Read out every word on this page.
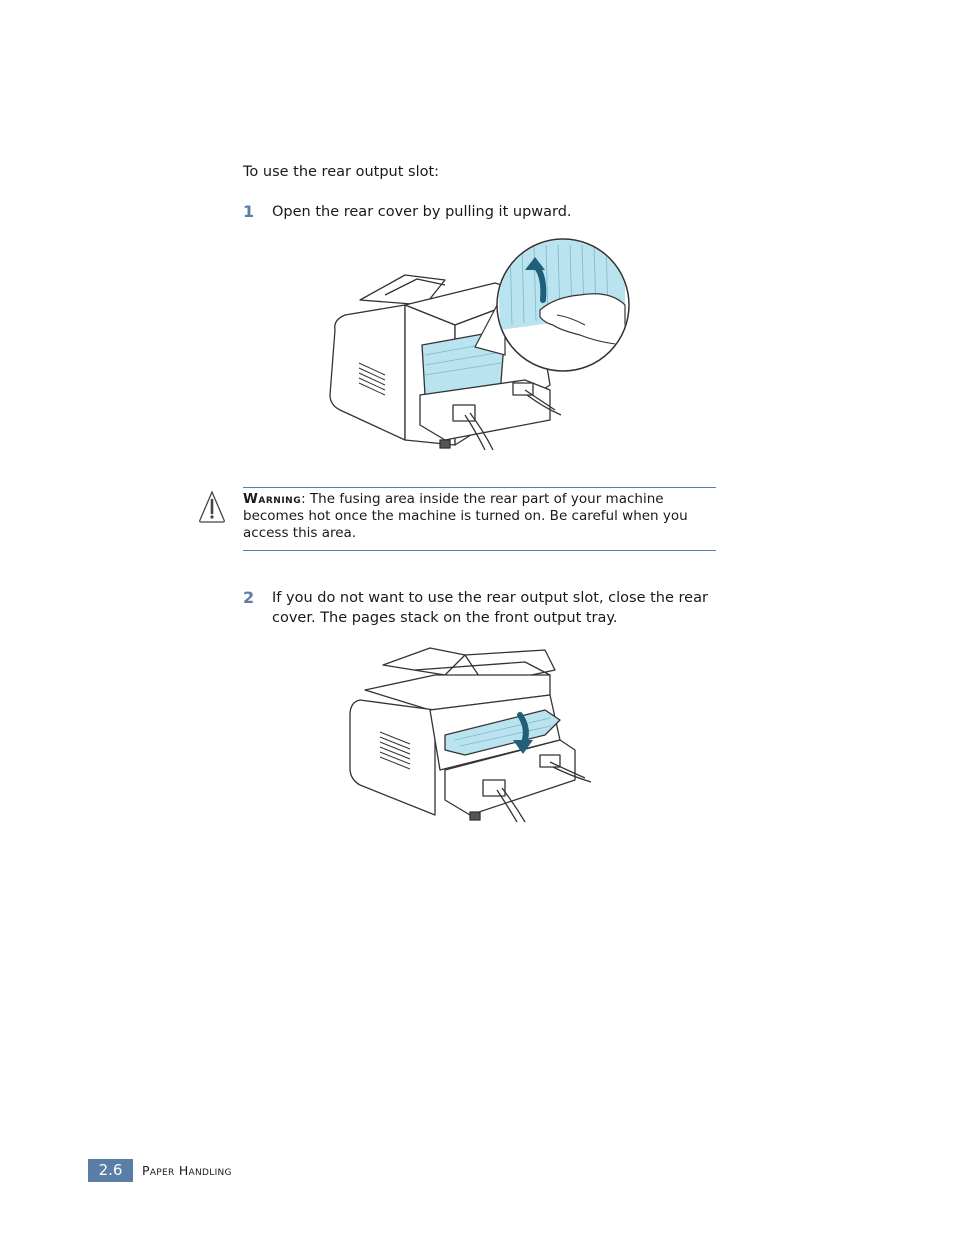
To use the rear output slot:

1 Open the rear cover by pulling it upward.

Warning: The fusing area inside the rear part of your machine becomes hot once the machine is turned on. Be careful when you access this area.

2 If you do not want to use the rear output slot, close the rear cover. The pages stack on the front output tray.

2.6	Paper Handling
